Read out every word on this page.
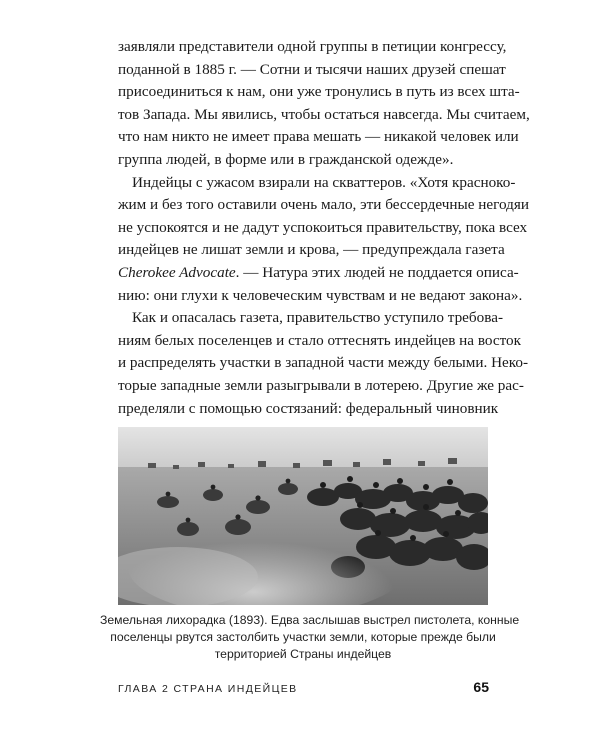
заявляли представители одной группы в петиции конгрессу,
поданной в 1885 г. — Сотни и тысячи наших друзей спешат
присоединиться к нам, они уже тронулись в путь из всех шта-
тов Запада. Мы явились, чтобы остаться навсегда. Мы считаем,
что нам никто не имеет права мешать — никакой человек или
группа людей, в форме или в гражданской одежде».
Индейцы с ужасом взирали на скваттеров. «Хотя красноко-
жим и без того оставили очень мало, эти бессердечные негодяи
не успокоятся и не дадут успокоиться правительству, пока всех
индейцев не лишат земли и крова, — предупреждала газета
Cherokee Advocate. — Натура этих людей не поддается описа-
нию: они глухи к человеческим чувствам и не ведают закона».
Как и опасалась газета, правительство уступило требова-
ниям белых поселенцев и стало оттеснять индейцев на восток
и распределять участки в западной части между белыми. Неко-
торые западные земли разыгрывали в лотерею. Другие же рас-
пределяли с помощью состязаний: федеральный чиновник
Земельная лихорадка (1893). Едва заслышав выстрел пистолета, конные
поселенцы рвутся застолбить участки земли, которые прежде были
территорией Страны индейцев
ГЛАВА 2 СТРАНА ИНДЕЙЦЕВ	65
